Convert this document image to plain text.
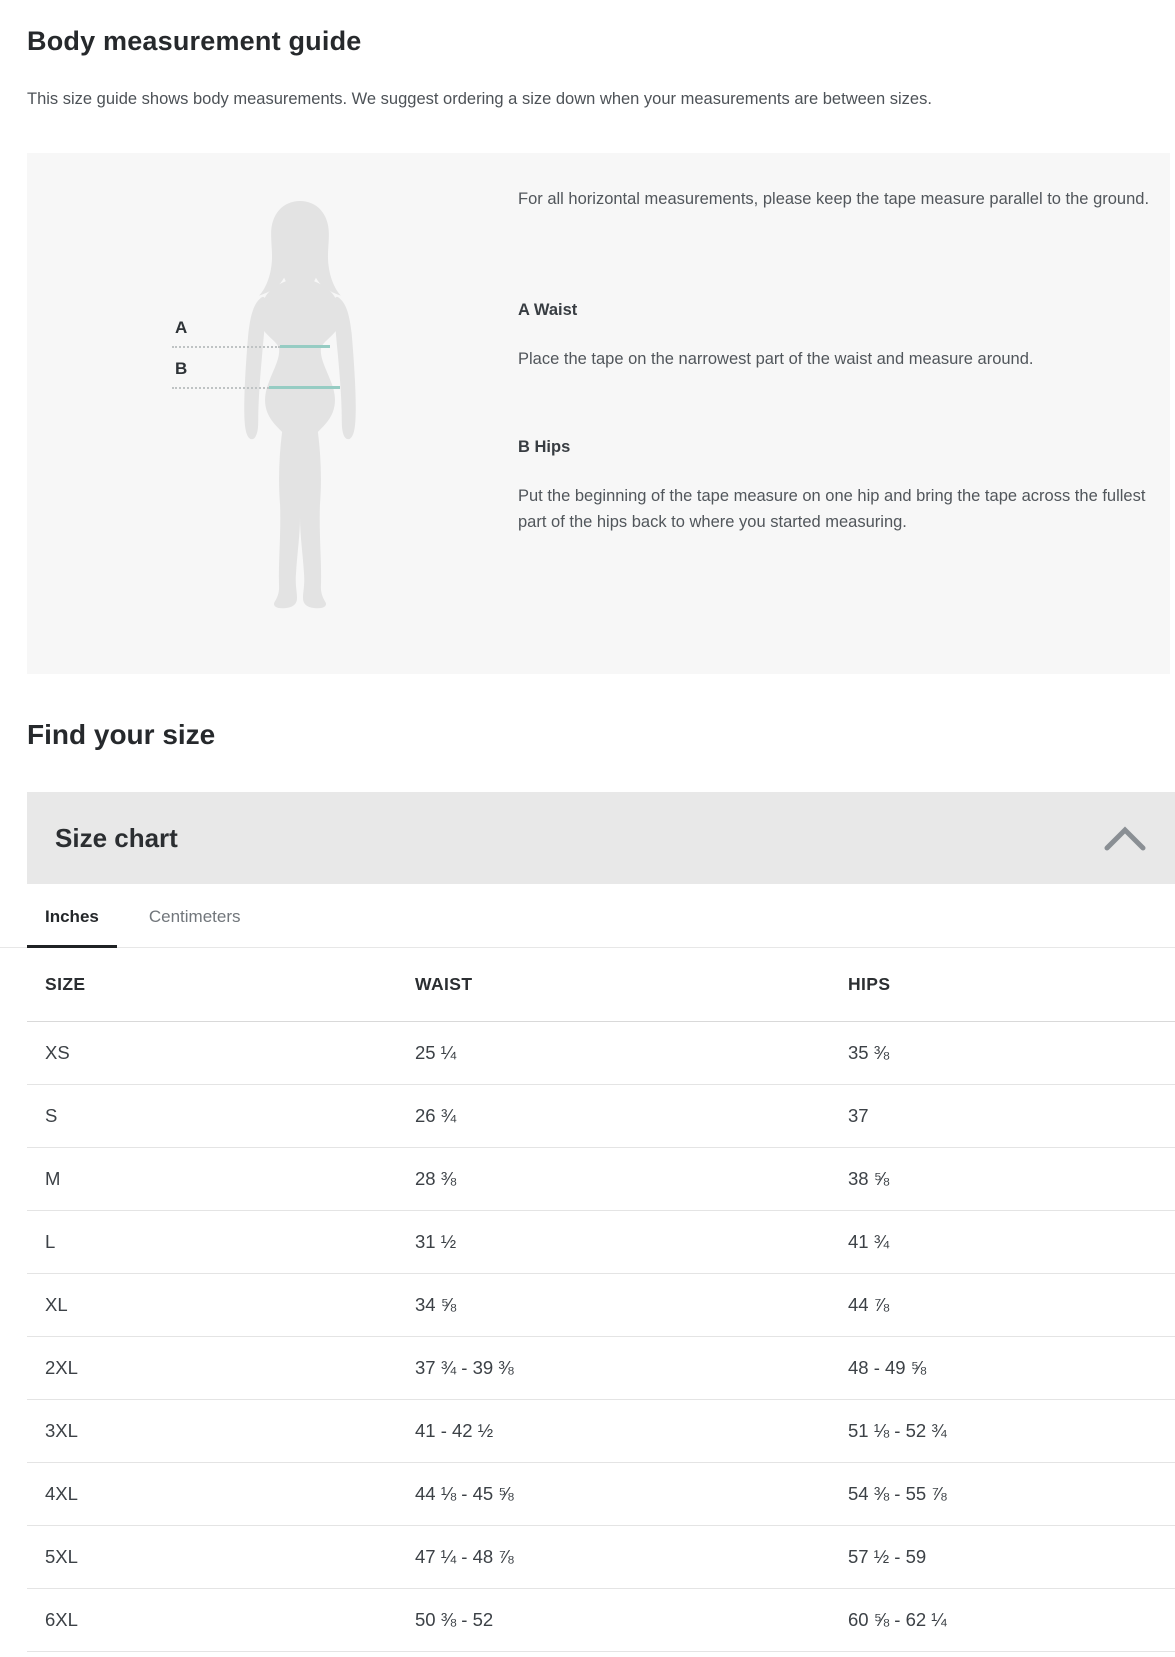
Body measurement guide

This size guide shows body measurements. We suggest ordering a size down when your measurements are between sizes.

A
B

For all horizontal measurements, please keep the tape measure parallel to the ground.

A Waist

Place the tape on the narrowest part of the waist and measure around.

B Hips

Put the beginning of the tape measure on one hip and bring the tape across the fullest part of the hips back to where you started measuring.

Find your size
Size chart
Inches	Centimeters
SIZE	WAIST	HIPS
XS	25 ¼	35 ⅜
S	26 ¾	37
M	28 ⅜	38 ⅝
L	31 ½	41 ¾
XL	34 ⅝	44 ⅞
2XL	37 ¾ - 39 ⅜	48 - 49 ⅝
3XL	41 - 42 ½	51 ⅛ - 52 ¾
4XL	44 ⅛ - 45 ⅝	54 ⅜ - 55 ⅞
5XL	47 ¼ - 48 ⅞	57 ½ - 59
6XL	50 ⅜ - 52	60 ⅝ - 62 ¼
